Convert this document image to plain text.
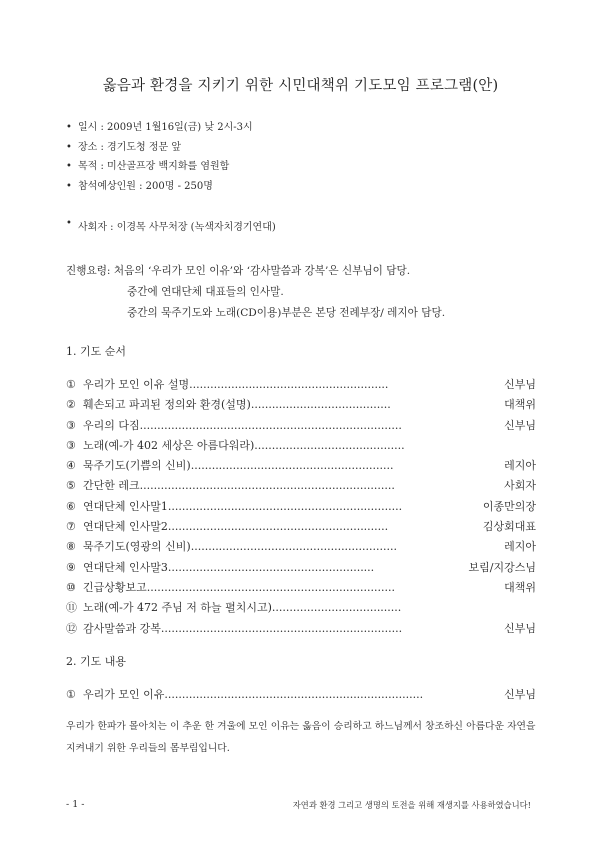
옳음과 환경을 지키기 위한 시민대책위 기도모임 프로그램(안)
• 일시 : 2009년 1월16일(금) 낮 2시-3시
• 장소 : 경기도청 정문 앞
• 목적 : 미산골프장 백지화를 염원함
• 참석예상인원 : 200명 - 250명
• 사회자 : 이경목 사무처장 (녹색자치경기연대)
진행요령: 처음의 ‘우리가 모인 이유’와 ‘감사말씀과 강복’은 신부님이 담당.
중간에 연대단체 대표들의 인사말.
중간의 묵주기도와 노래(CD이용)부분은 본당 전례부장/ 레지아 담당.
1. 기도 순서
① 우리가 모인 이유 설명.........................................................	신부님
② 훼손되고 파괴된 정의와 환경(설명)........................................	대책위
③ 우리의 다짐...........................................................................	신부님
③ 노래(예-가 402 세상은 아름다워라)...........................................
④ 묵주기도(기쁨의 신비)..........................................................	레지아
⑤ 간단한 레크.........................................................................	사회자
⑥ 연대단체 인사말1...................................................................	이종만의장
⑦ 연대단체 인사말2...............................................................	김상회대표
⑧ 묵주기도(영광의 신비)...........................................................	레지아
⑨ 연대단체 인사말3...........................................................	보림/지강스님
⑩ 긴급상황보고.......................................................................	대책위
⑪ 노래(예-가 472 주님 저 하늘 펼치시고).....................................
⑫ 감사말씀과 강복.....................................................................	신부님
2. 기도 내용
① 우리가 모인 이유..........................................................................	신부님
우리가 한파가 몰아치는 이 추운 한 겨울에 모인 이유는 옳음이 승리하고 하느님께서 창조하신 아름다운 자연을 지켜내기 위한 우리들의 몸부림입니다.
- 1 -	자연과 환경 그리고 생명의 토전을 위해 재생지를 사용하였습니다!
